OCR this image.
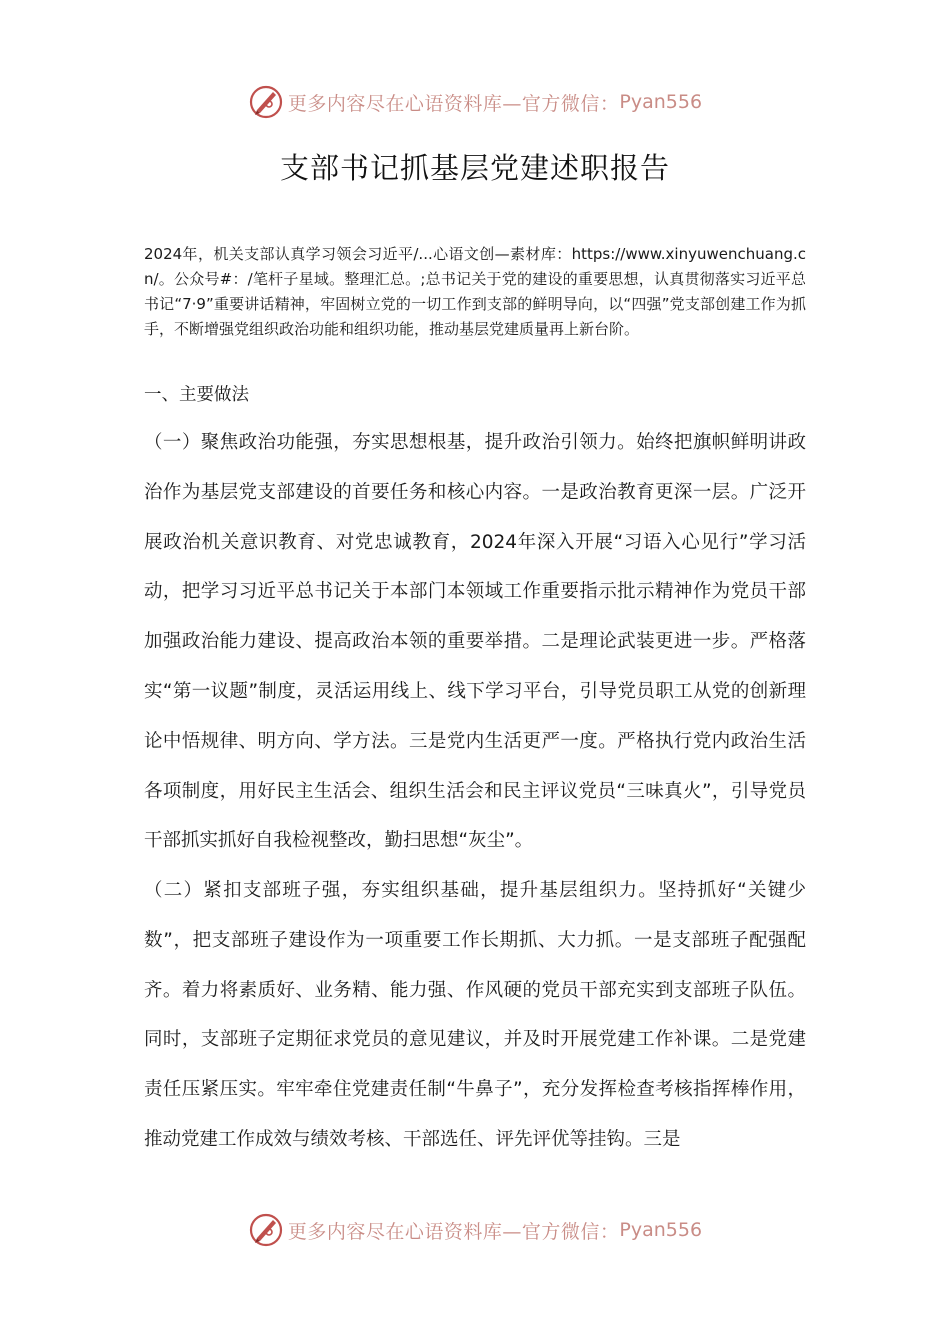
更多内容尽在心语资料库—官方微信： Pyan556
支部书记抓基层党建述职报告

2024年，机关支部认真学习领会习近平/...心语文创—素材库：https://www.xinyuwenchuang.cn/。公众号#：/笔杆子星域。整理汇总。;总书记关于党的建设的重要思想，认真贯彻落实习近平总书记“7·9”重要讲话精神，牢固树立党的一切工作到支部的鲜明导向，以“四强”党支部创建工作为抓手，不断增强党组织政治功能和组织功能，推动基层党建质量再上新台阶。

一、主要做法

（一）聚焦政治功能强，夯实思想根基，提升政治引领力。始终把旗帜鲜明讲政治作为基层党支部建设的首要任务和核心内容。一是政治教育更深一层。广泛开展政治机关意识教育、对党忠诚教育，2024年深入开展“习语入心见行”学习活动，把学习习近平总书记关于本部门本领域工作重要指示批示精神作为党员干部加强政治能力建设、提高政治本领的重要举措。二是理论武装更进一步。严格落实“第一议题”制度，灵活运用线上、线下学习平台，引导党员职工从党的创新理论中悟规律、明方向、学方法。三是党内生活更严一度。严格执行党内政治生活各项制度，用好民主生活会、组织生活会和民主评议党员“三味真火”，引导党员干部抓实抓好自我检视整改，勤扫思想“灰尘”。

（二）紧扣支部班子强，夯实组织基础，提升基层组织力。坚持抓好“关键少数”，把支部班子建设作为一项重要工作长期抓、大力抓。一是支部班子配强配齐。着力将素质好、业务精、能力强、作风硬的党员干部充实到支部班子队伍。同时，支部班子定期征求党员的意见建议，并及时开展党建工作补课。二是党建责任压紧压实。牢牢牵住党建责任制“牛鼻子”，充分发挥检查考核指挥棒作用，推动党建工作成效与绩效考核、干部选任、评先评优等挂钩。三是

更多内容尽在心语资料库—官方微信： Pyan556
